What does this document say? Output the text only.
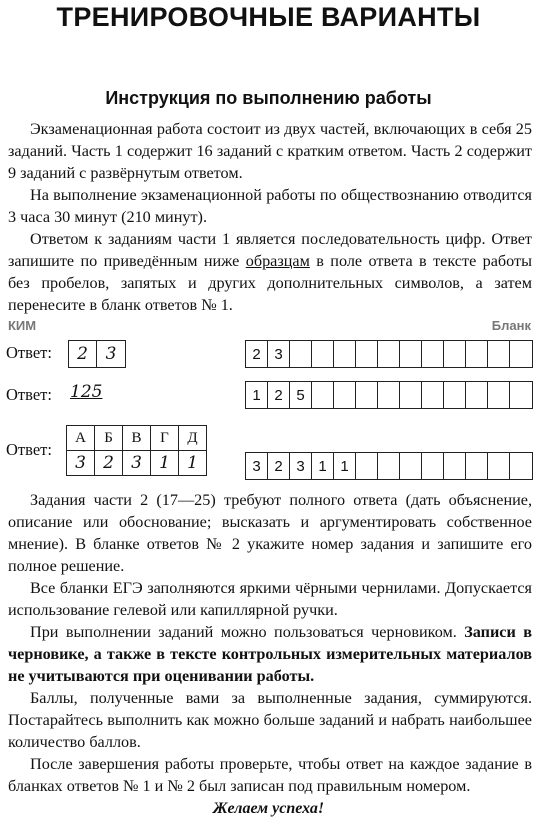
ТРЕНИРОВОЧНЫЕ ВАРИАНТЫ
Инструкция по выполнению работы

Экзаменационная работа состоит из двух частей, включающих в себя 25 заданий. Часть 1 содержит 16 заданий с кратким ответом. Часть 2 содержит 9 заданий с развёрнутым ответом.

На выполнение экзаменационной работы по обществознанию отводится 3 часа 30 минут (210 минут).

Ответом к заданиям части 1 является последовательность цифр. Ответ запишите по приведённым ниже образцам в поле ответа в тексте работы без пробелов, запятых и других дополнительных символов, а затем перенесите в бланк ответов № 1.

КИМ	Бланк
Ответ:	2	3	2 3
Ответ: 125	1 2 5
Ответ:
А	Б	В	Г	Д
3	2	3	1	1	3 2 3 1 1

Задания части 2 (17—25) требуют полного ответа (дать объяснение, описание или обоснование; высказать и аргументировать собственное мнение). В бланке ответов № 2 укажите номер задания и запишите его полное решение.

Все бланки ЕГЭ заполняются яркими чёрными чернилами. Допускается использование гелевой или капиллярной ручки.

При выполнении заданий можно пользоваться черновиком. Записи в черновике, а также в тексте контрольных измерительных материалов не учитываются при оценивании работы.

Баллы, полученные вами за выполненные задания, суммируются. Постарайтесь выполнить как можно больше заданий и набрать наибольшее количество баллов.

После завершения работы проверьте, чтобы ответ на каждое задание в бланках ответов № 1 и № 2 был записан под правильным номером.

Желаем успеха!
